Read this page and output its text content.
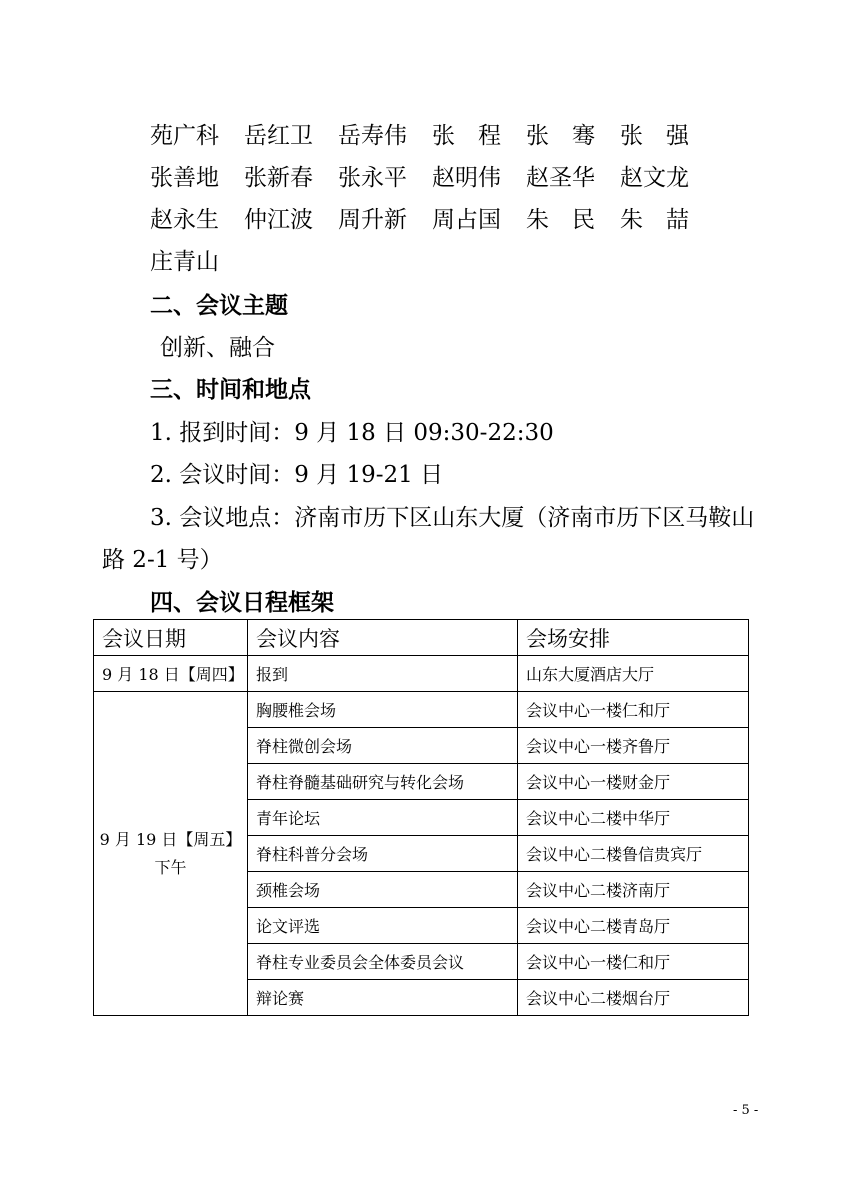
苑广科 岳红卫 岳寿伟 张　程 张　骞 张　强
张善地 张新春 张永平 赵明伟 赵圣华 赵文龙
赵永生 仲江波 周升新 周占国 朱　民 朱　喆
庄青山
二、会议主题
创新、融合
三、时间和地点
1. 报到时间：9 月 18 日 09:30-22:30
2. 会议时间：9 月 19-21 日
3. 会议地点：济南市历下区山东大厦（济南市历下区马鞍山
路 2-1 号）
四、会议日程框架
会议日期	会议内容	会场安排
9 月 18 日【周四】	报到	山东大厦酒店大厅

9 月 19 日【周五】
下午	胸腰椎会场	会议中心一楼仁和厅
	脊柱微创会场	会议中心一楼齐鲁厅
	脊柱脊髓基础研究与转化会场	会议中心一楼财金厅
	青年论坛	会议中心二楼中华厅
	脊柱科普分会场	会议中心二楼鲁信贵宾厅
	颈椎会场	会议中心二楼济南厅
	论文评选	会议中心二楼青岛厅
	脊柱专业委员会全体委员会议	会议中心一楼仁和厅
	辩论赛	会议中心二楼烟台厅
- 5 -
